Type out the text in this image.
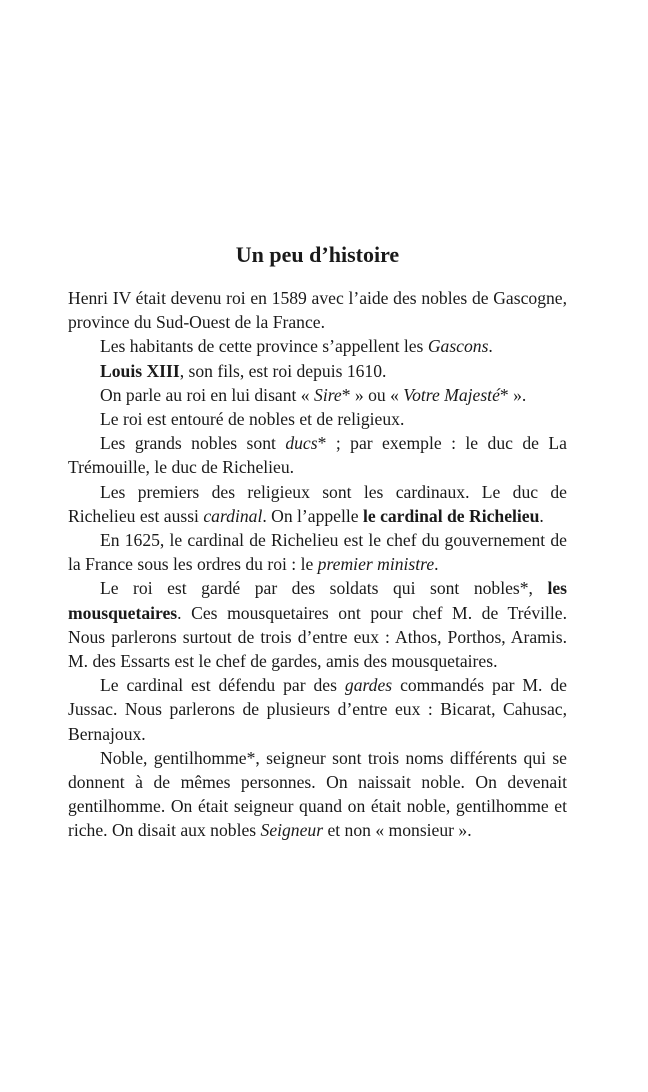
Un peu d’histoire

Henri IV était devenu roi en 1589 avec l’aide des nobles de Gascogne, province du Sud-Ouest de la France.

Les habitants de cette province s’appellent les Gascons.

Louis XIII, son fils, est roi depuis 1610.

On parle au roi en lui disant « Sire* » ou « Votre Majesté* ».

Le roi est entouré de nobles et de religieux.

Les grands nobles sont ducs* ; par exemple : le duc de La Trémouille, le duc de Richelieu.

Les premiers des religieux sont les cardinaux. Le duc de Richelieu est aussi cardinal. On l’appelle le cardinal de Richelieu.

En 1625, le cardinal de Richelieu est le chef du gouvernement de la France sous les ordres du roi : le premier ministre.

Le roi est gardé par des soldats qui sont nobles*, les mousquetaires. Ces mousquetaires ont pour chef M. de Tréville. Nous parlerons surtout de trois d’entre eux : Athos, Porthos, Aramis. M. des Essarts est le chef de gardes, amis des mousquetaires.

Le cardinal est défendu par des gardes commandés par M. de Jussac. Nous parlerons de plusieurs d’entre eux : Bicarat, Cahusac, Bernajoux.

Noble, gentilhomme*, seigneur sont trois noms différents qui se donnent à de mêmes personnes. On naissait noble. On devenait gentilhomme. On était seigneur quand on était noble, gentilhomme et riche. On disait aux nobles Seigneur et non « monsieur ».
